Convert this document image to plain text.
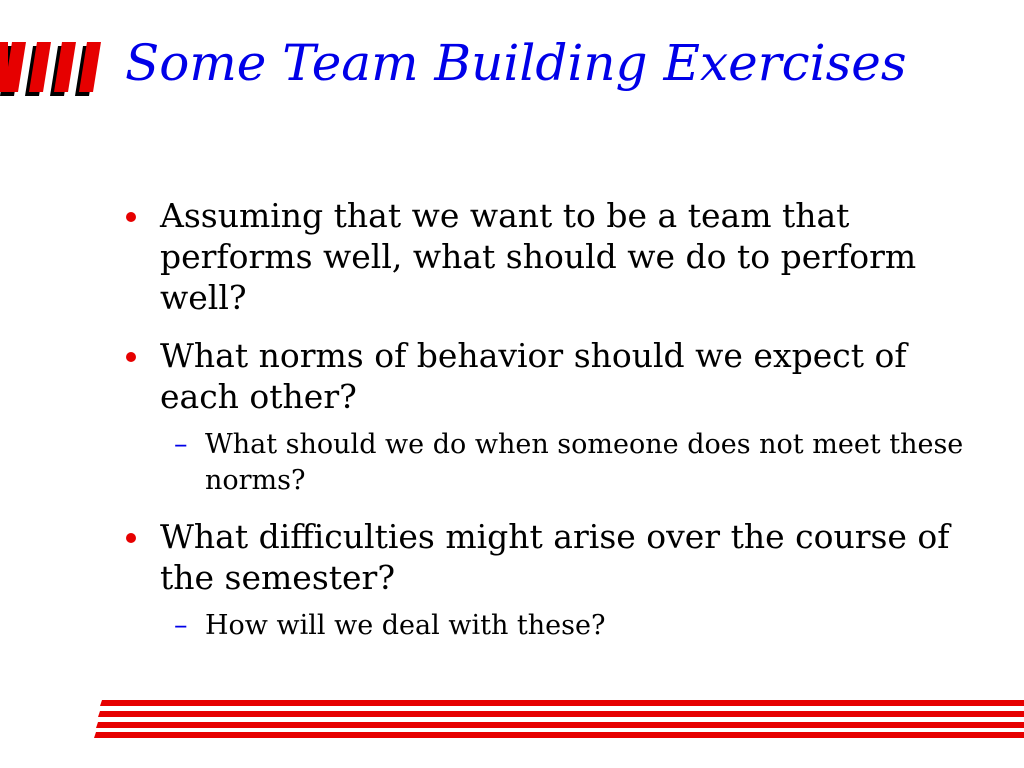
Some Team Building Exercises
Assuming that we want to be a team that performs well, what should we do to perform well?
What norms of behavior should we expect of each other?
– What should we do when someone does not meet these norms?
What difficulties might arise over the course of the semester?
– How will we deal with these?
